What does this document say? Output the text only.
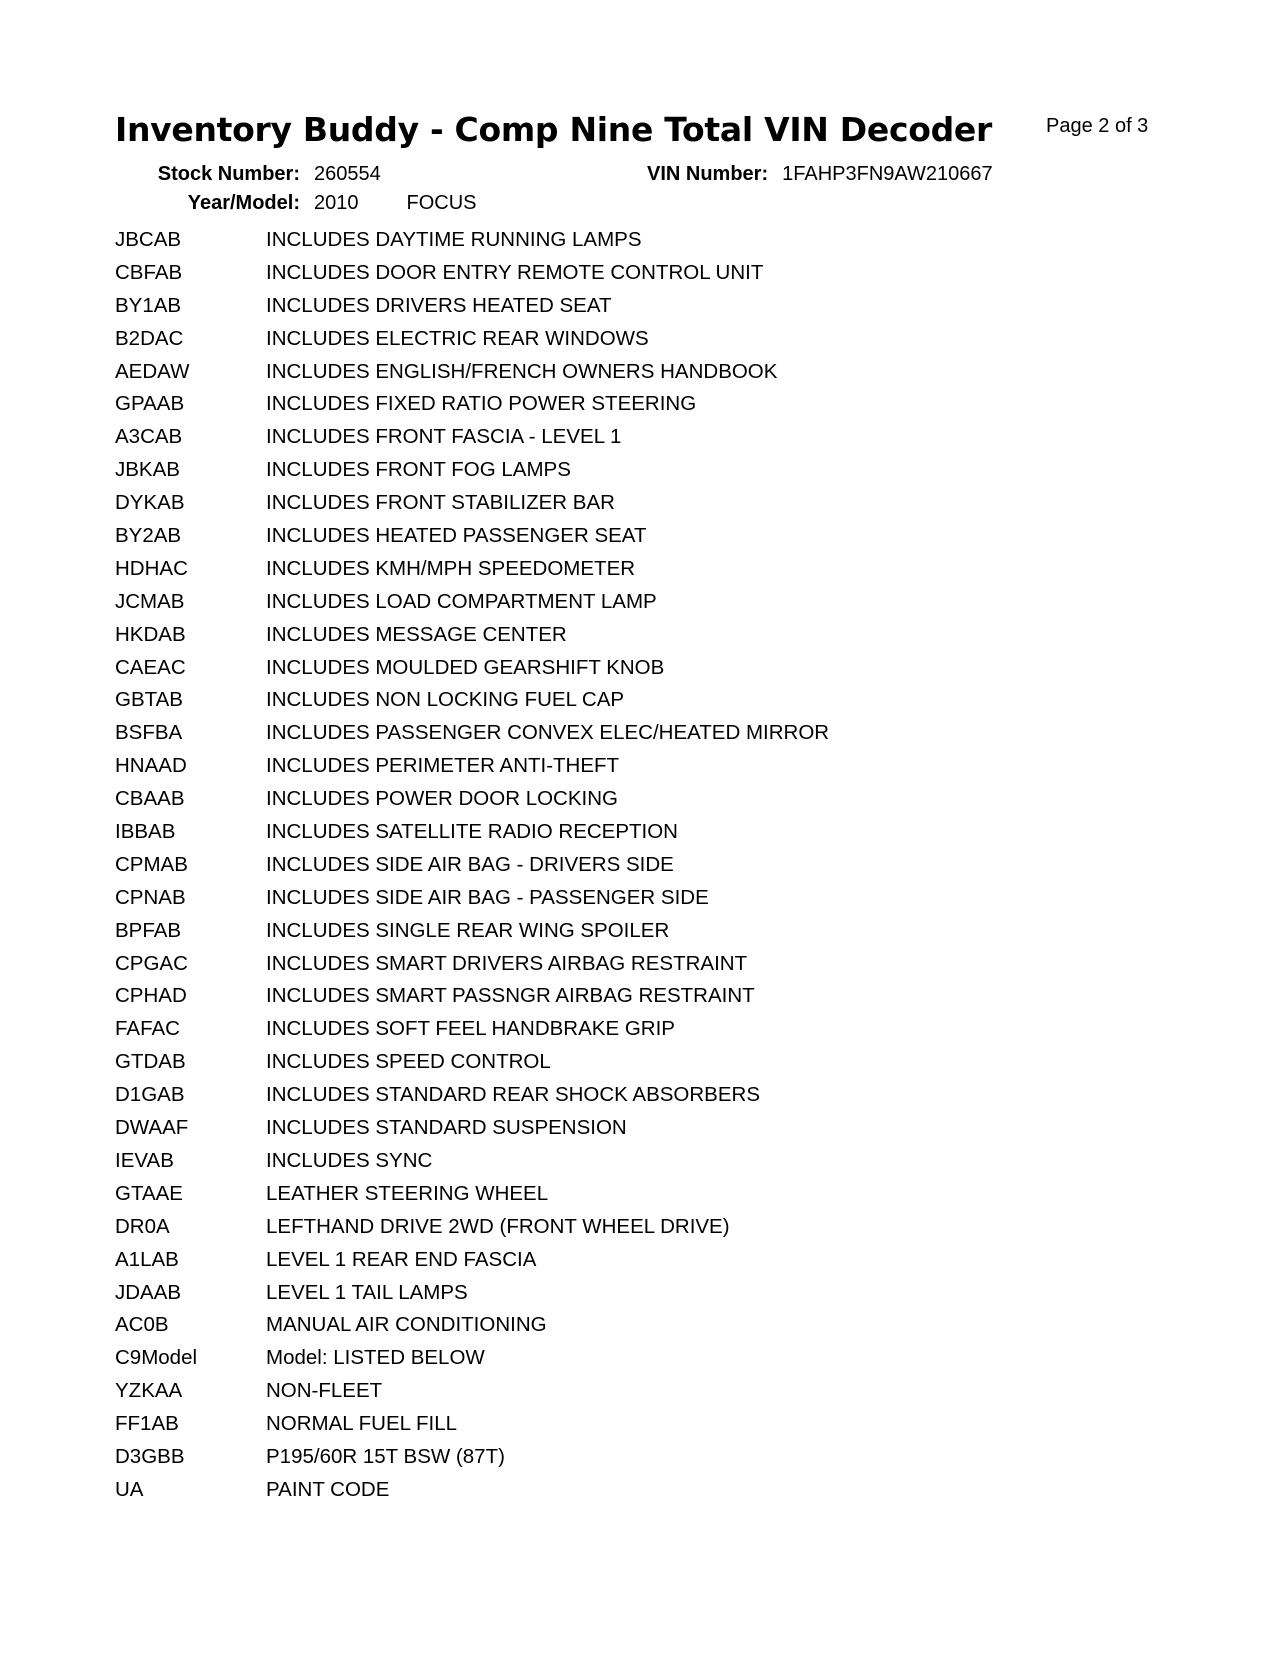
Inventory Buddy - Comp Nine Total VIN Decoder	Page 2 of 3
Stock Number: 260554	VIN Number: 1FAHP3FN9AW210667
Year/Model: 2010 FOCUS
JBCAB	INCLUDES DAYTIME RUNNING LAMPS
CBFAB	INCLUDES DOOR ENTRY REMOTE CONTROL UNIT
BY1AB	INCLUDES DRIVERS HEATED SEAT
B2DAC	INCLUDES ELECTRIC REAR WINDOWS
AEDAW	INCLUDES ENGLISH/FRENCH OWNERS HANDBOOK
GPAAB	INCLUDES FIXED RATIO POWER STEERING
A3CAB	INCLUDES FRONT FASCIA - LEVEL 1
JBKAB	INCLUDES FRONT FOG LAMPS
DYKAB	INCLUDES FRONT STABILIZER BAR
BY2AB	INCLUDES HEATED PASSENGER SEAT
HDHAC	INCLUDES KMH/MPH SPEEDOMETER
JCMAB	INCLUDES LOAD COMPARTMENT LAMP
HKDAB	INCLUDES MESSAGE CENTER
CAEAC	INCLUDES MOULDED GEARSHIFT KNOB
GBTAB	INCLUDES NON LOCKING FUEL CAP
BSFBA	INCLUDES PASSENGER CONVEX ELEC/HEATED MIRROR
HNAAD	INCLUDES PERIMETER ANTI-THEFT
CBAAB	INCLUDES POWER DOOR LOCKING
IBBAB	INCLUDES SATELLITE RADIO RECEPTION
CPMAB	INCLUDES SIDE AIR BAG - DRIVERS SIDE
CPNAB	INCLUDES SIDE AIR BAG - PASSENGER SIDE
BPFAB	INCLUDES SINGLE REAR WING SPOILER
CPGAC	INCLUDES SMART DRIVERS AIRBAG RESTRAINT
CPHAD	INCLUDES SMART PASSNGR AIRBAG RESTRAINT
FAFAC	INCLUDES SOFT FEEL HANDBRAKE GRIP
GTDAB	INCLUDES SPEED CONTROL
D1GAB	INCLUDES STANDARD REAR SHOCK ABSORBERS
DWAAF	INCLUDES STANDARD SUSPENSION
IEVAB	INCLUDES SYNC
GTAAE	LEATHER STEERING WHEEL
DR0A	LEFTHAND DRIVE 2WD (FRONT WHEEL DRIVE)
A1LAB	LEVEL 1 REAR END FASCIA
JDAAB	LEVEL 1 TAIL LAMPS
AC0B	MANUAL AIR CONDITIONING
C9Model	Model: LISTED BELOW
YZKAA	NON-FLEET
FF1AB	NORMAL FUEL FILL
D3GBB	P195/60R 15T BSW (87T)
UA	PAINT CODE
